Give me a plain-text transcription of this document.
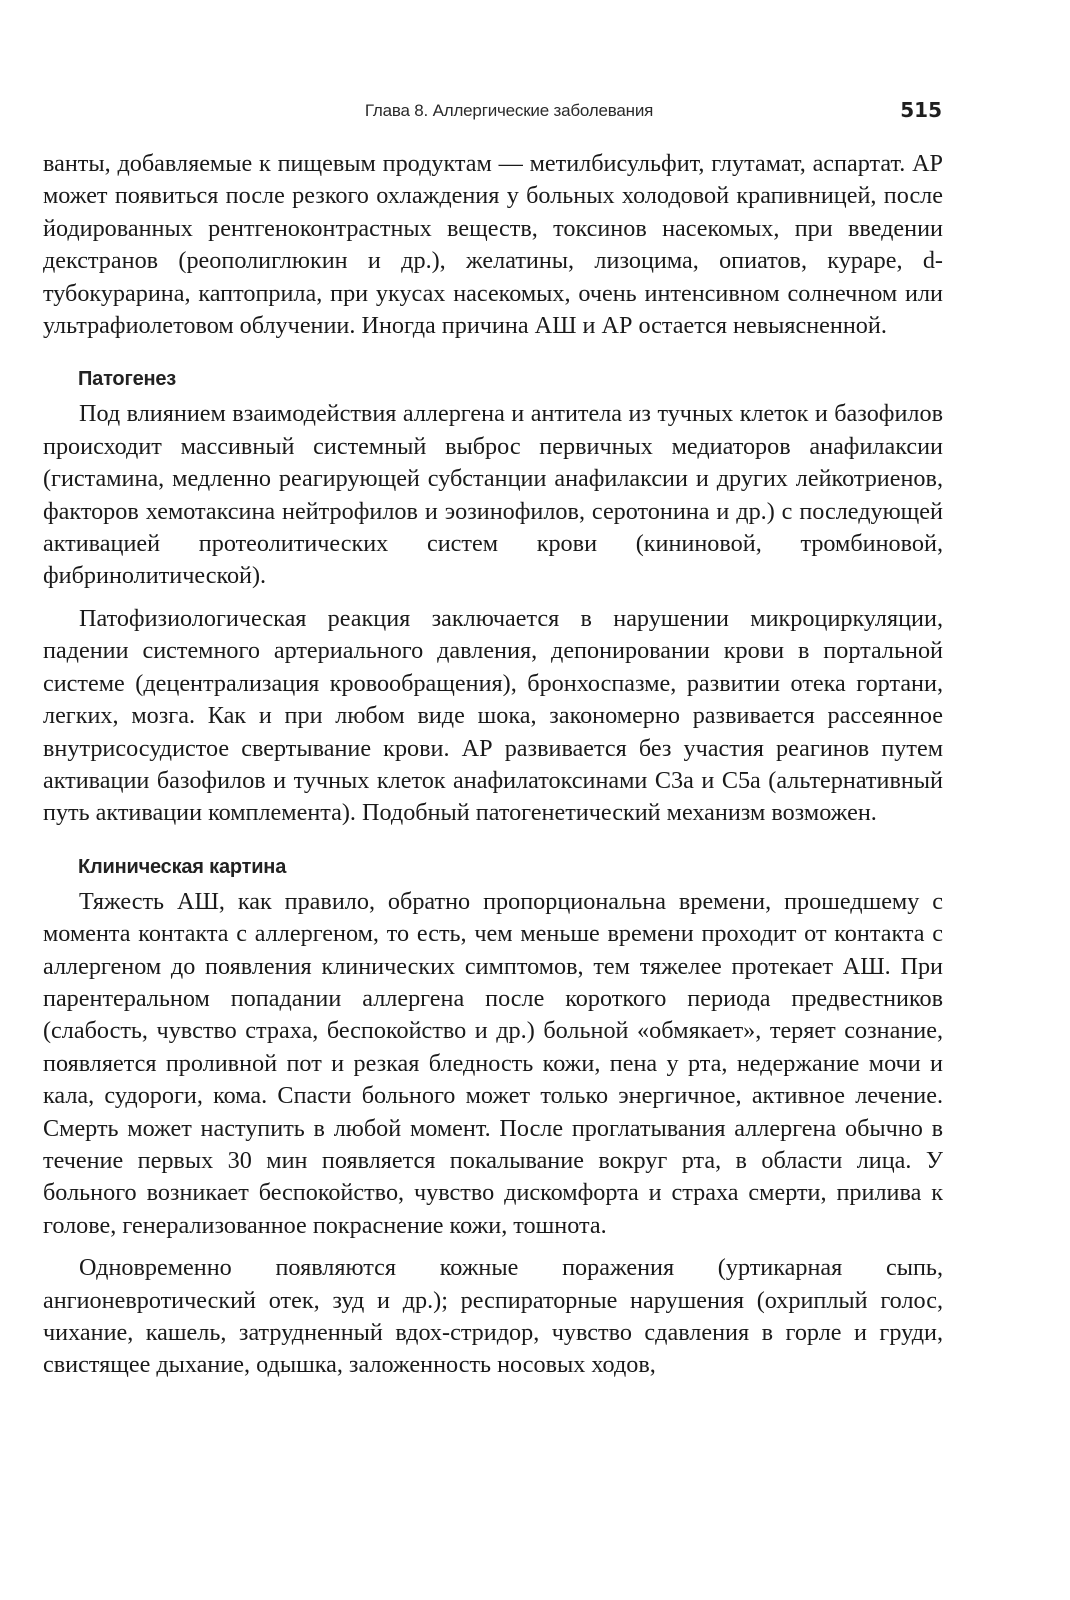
Глава 8. Аллергические заболевания	515

ванты, добавляемые к пищевым продуктам — метилбисульфит, глутамат, аспартат. АР может появиться после резкого охлаждения у больных холодовой крапивницей, после йодированных рентгеноконтрастных веществ, токсинов насекомых, при введении декстранов (реополиглюкин и др.), желатины, лизоцима, опиатов, кураре, d-тубокурарина, каптоприла, при укусах насекомых, очень интенсивном солнечном или ультрафиолетовом облучении. Иногда причина АШ и АР остается невыясненной.

Патогенез

Под влиянием взаимодействия аллергена и антитела из тучных клеток и базофилов происходит массивный системный выброс первичных медиаторов анафилаксии (гистамина, медленно реагирующей субстанции анафилаксии и других лейкотриенов, факторов хемотаксина нейтрофилов и эозинофилов, серотонина и др.) с последующей активацией протеолитических систем крови (кининовой, тромбиновой, фибринолитической).

Патофизиологическая реакция заключается в нарушении микроциркуляции, падении системного артериального давления, депонировании крови в портальной системе (децентрализация кровообращения), бронхоспазме, развитии отека гортани, легких, мозга. Как и при любом виде шока, закономерно развивается рассеянное внутрисосудистое свертывание крови. АР развивается без участия реагинов путем активации базофилов и тучных клеток анафилатоксинами С3а и С5а (альтернативный путь активации комплемента). Подобный патогенетический механизм возможен.

Клиническая картина

Тяжесть АШ, как правило, обратно пропорциональна времени, прошедшему с момента контакта с аллергеном, то есть, чем меньше времени проходит от контакта с аллергеном до появления клинических симптомов, тем тяжелее протекает АШ. При парентеральном попадании аллергена после короткого периода предвестников (слабость, чувство страха, беспокойство и др.) больной «обмякает», теряет сознание, появляется проливной пот и резкая бледность кожи, пена у рта, недержание мочи и кала, судороги, кома. Спасти больного может только энергичное, активное лечение. Смерть может наступить в любой момент. После проглатывания аллергена обычно в течение первых 30 мин появляется покалывание вокруг рта, в области лица. У больного возникает беспокойство, чувство дискомфорта и страха смерти, прилива к голове, генерализованное покраснение кожи, тошнота.

Одновременно появляются кожные поражения (уртикарная сыпь, ангионевротический отек, зуд и др.); респираторные нарушения (охриплый голос, чихание, кашель, затрудненный вдох-стридор, чувство сдавления в горле и груди, свистящее дыхание, одышка, заложенность носовых ходов,
